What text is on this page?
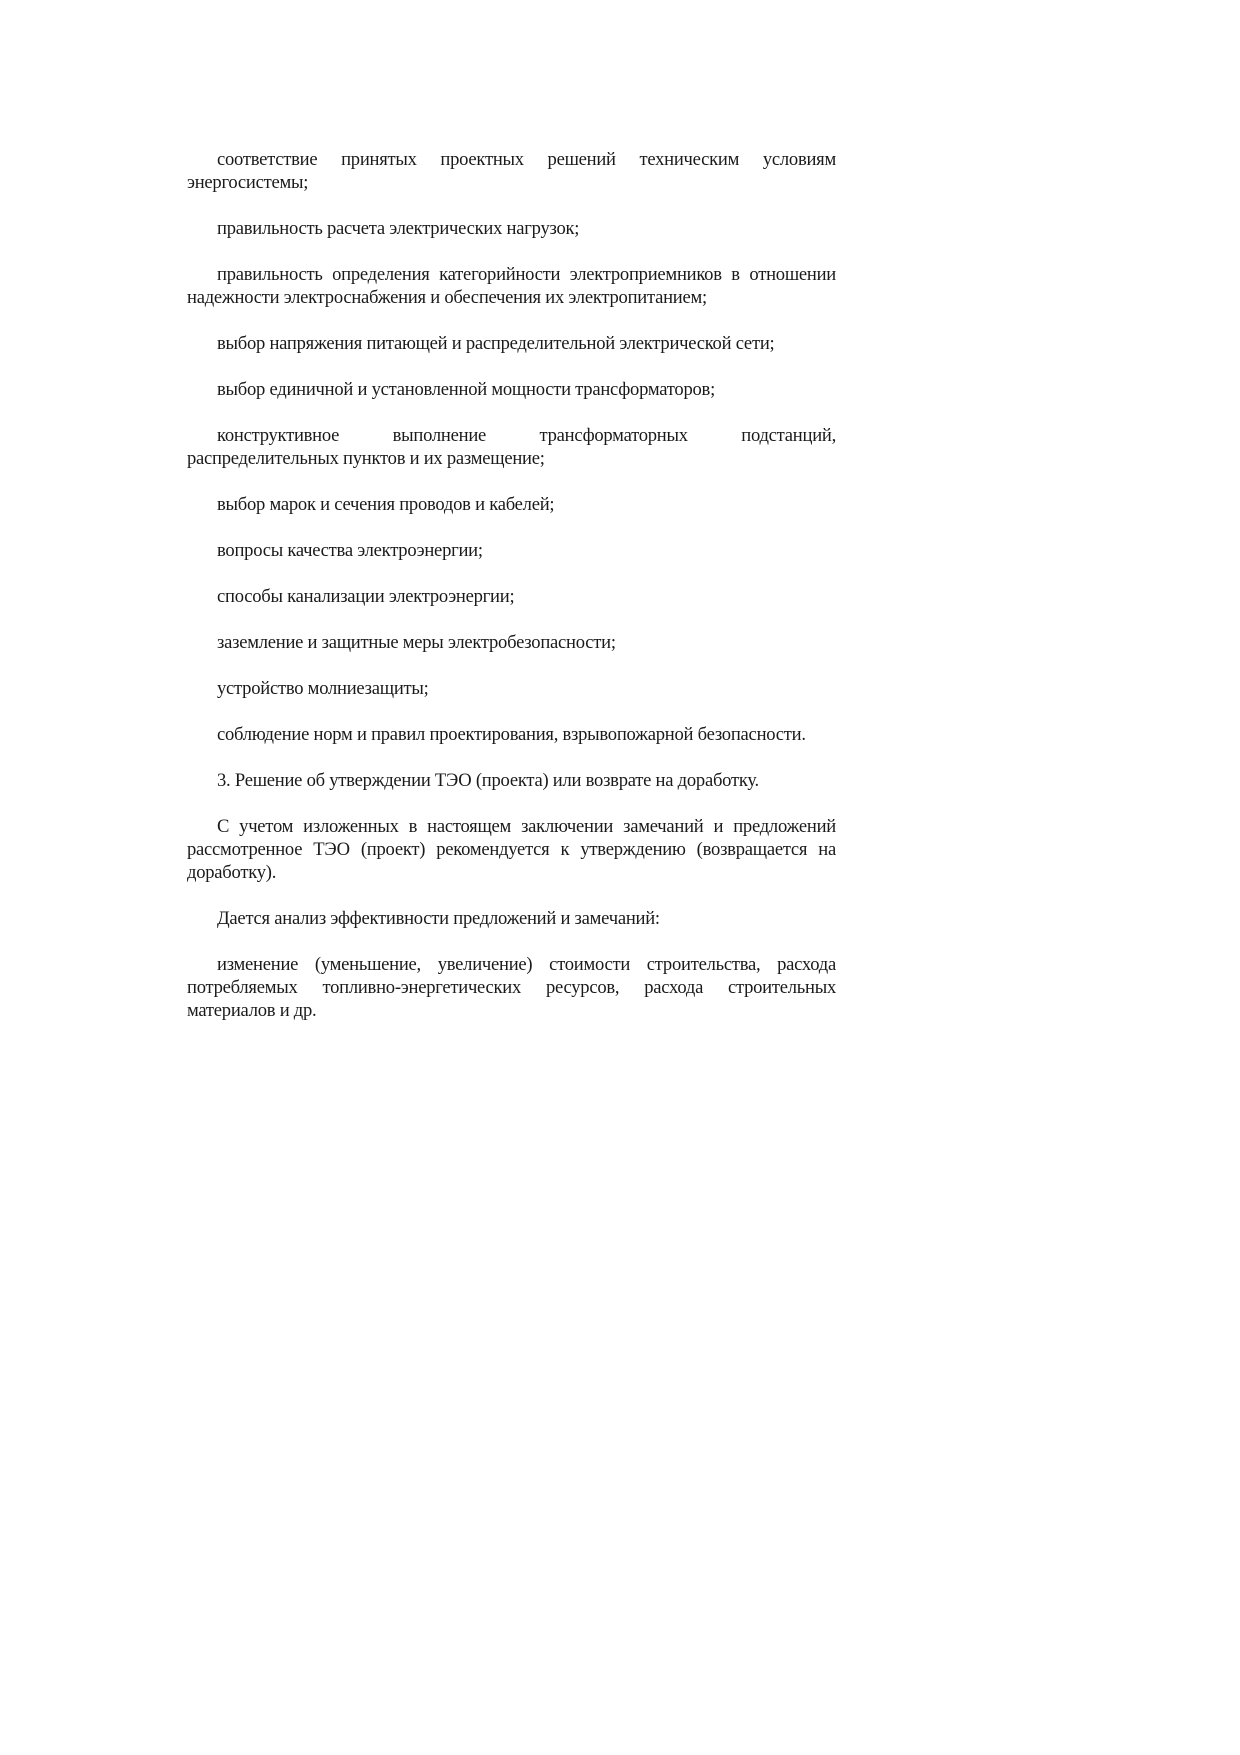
соответствие принятых проектных решений техническим условиям энергосистемы;

правильность расчета электрических нагрузок;

правильность определения категорийности электроприемников в отношении надежности электроснабжения и обеспечения их электропитанием;

выбор напряжения питающей и распределительной электрической сети;

выбор единичной и установленной мощности трансформаторов;

конструктивное выполнение трансформаторных подстанций, распределительных пунктов и их размещение;

выбор марок и сечения проводов и кабелей;

вопросы качества электроэнергии;

способы канализации электроэнергии;

заземление и защитные меры электробезопасности;

устройство молниезащиты;

соблюдение норм и правил проектирования, взрывопожарной безопасности.

3. Решение об утверждении ТЭО (проекта) или возврате на доработку.

С учетом изложенных в настоящем заключении замечаний и предложений рассмотренное ТЭО (проект) рекомендуется к утверждению (возвращается на доработку).

Дается анализ эффективности предложений и замечаний:

изменение (уменьшение, увеличение) стоимости строительства, расхода потребляемых топливно-энергетических ресурсов, расхода строительных материалов и др.
